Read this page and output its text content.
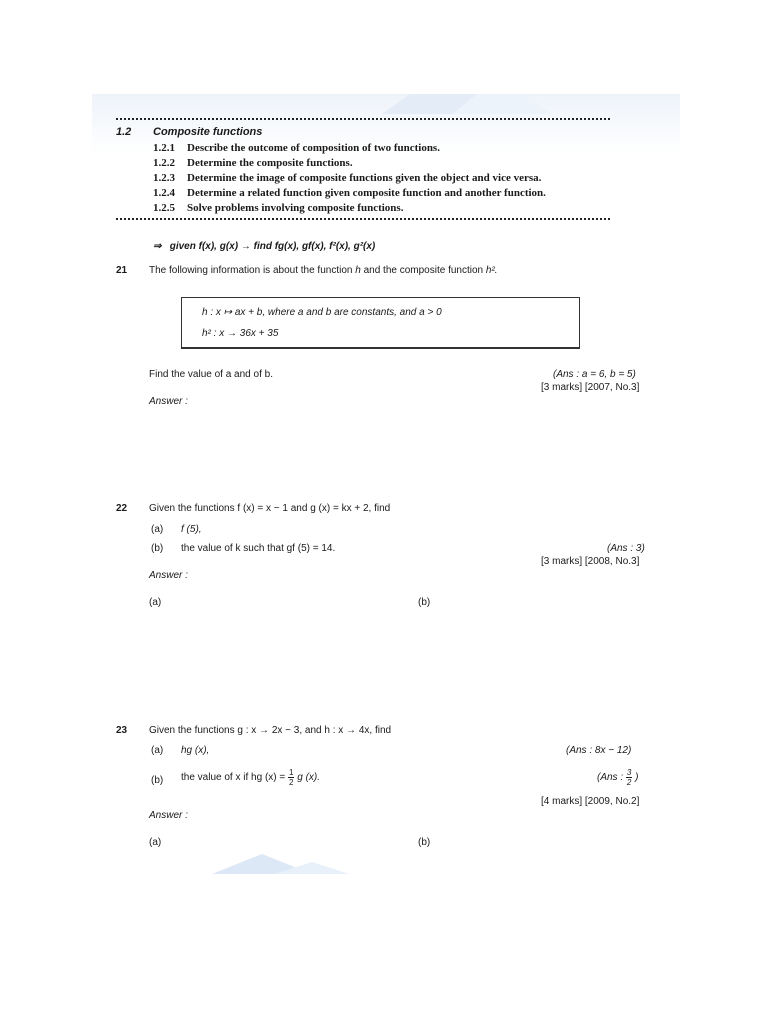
1.2 Composite functions
1.2.1 Describe the outcome of composition of two functions.
1.2.2 Determine the composite functions.
1.2.3 Determine the image of composite functions given the object and vice versa.
1.2.4 Determine a related function given composite function and another function.
1.2.5 Solve problems involving composite functions.
⇒ given f(x), g(x) → find fg(x), gf(x), f²(x), g²(x)
21 The following information is about the function h and the composite function h².
h : x ↦ ax + b, where a and b are constants, and a > 0
h² : x → 36x + 35
Find the value of a and of b.	(Ans : a = 6, b = 5)
[3 marks] [2007, No.3]
Answer :
22 Given the functions f (x) = x − 1 and g (x) = kx + 2, find
(a) f (5),
(b) the value of k such that gf (5) = 14.	(Ans : 3)
[3 marks] [2008, No.3]
Answer :
(a)	(b)
23 Given the functions g : x → 2x − 3, and h : x → 4x, find
(a) hg (x),	(Ans : 8x − 12)
(b) the value of x if hg $(x) = \frac{1}{2}$ g (x).	(Ans : $\frac{3}{2}$ )
[4 marks] [2009, No.2]
Answer :
(a)	(b)
